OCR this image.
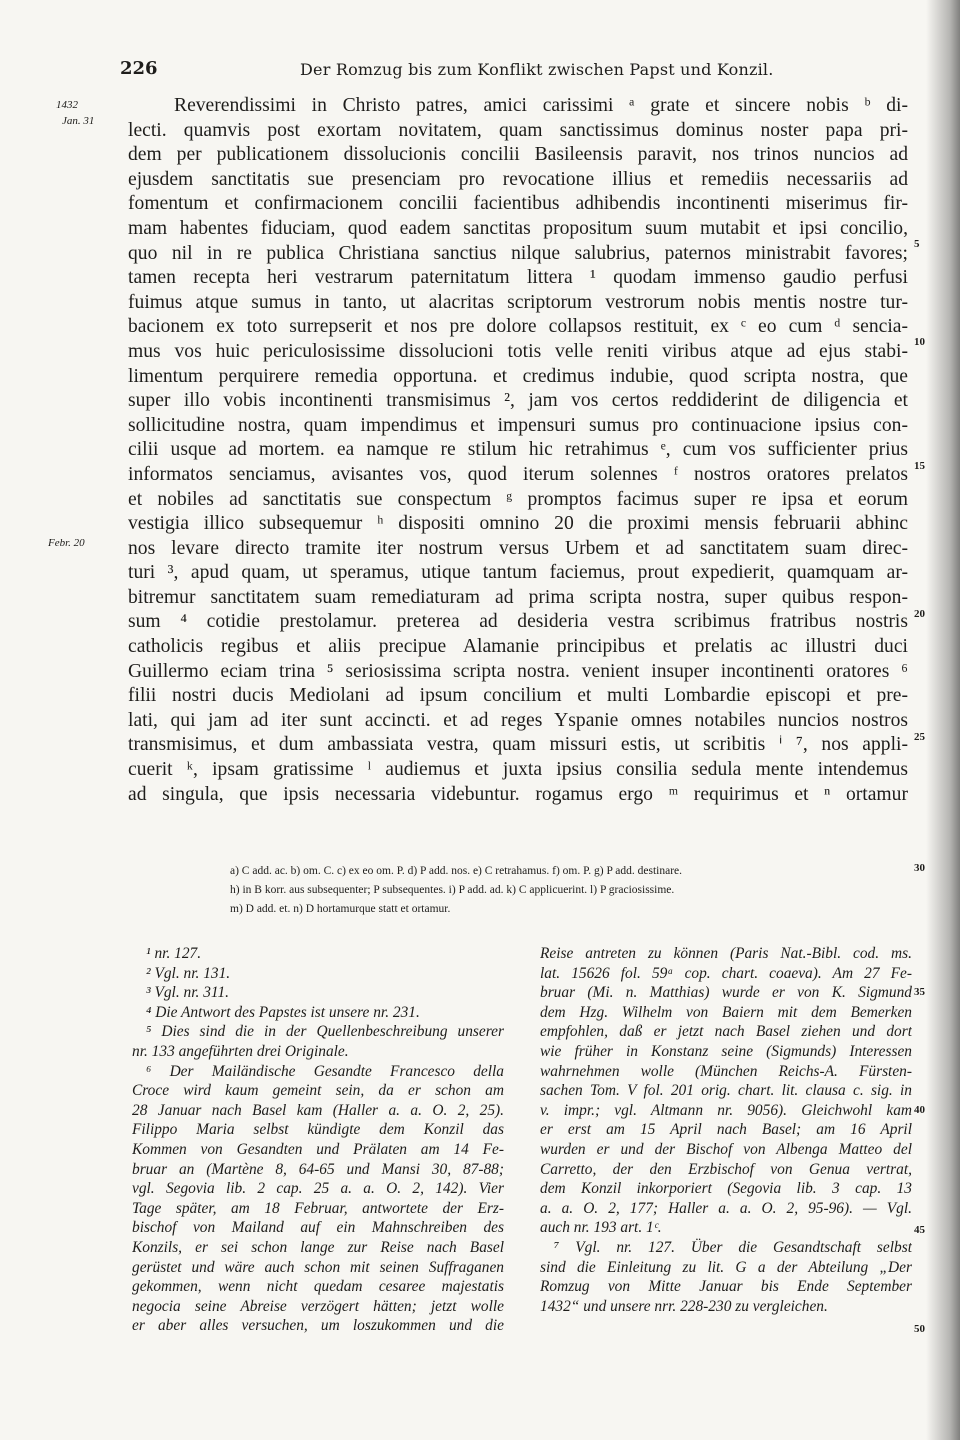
226	Der Romzug bis zum Konflikt zwischen Papst und Konzil.
1432
Jan. 31
Febr. 20
5
10
15
20
25
30
35
40
45
50
Reverendissimi in Christo patres, amici carissimi ᵃ grate et sincere nobis ᵇ di-
lecti. quamvis post exortam novitatem, quam sanctissimus dominus noster papa pri-
dem per publicationem dissolucionis concilii Basileensis paravit, nos trinos nuncios ad
ejusdem sanctitatis sue presenciam pro revocatione illius et remediis necessariis ad
fomentum et confirmacionem concilii facientibus adhibendis incontinenti miserimus fir-
mam habentes fiduciam, quod eadem sanctitas propositum suum mutabit et ipsi concilio,
quo nil in re publica Christiana sanctius nilque salubrius, paternos ministrabit favores;
tamen recepta heri vestrarum paternitatum littera ¹ quodam immenso gaudio perfusi
fuimus atque sumus in tanto, ut alacritas scriptorum vestrorum nobis mentis nostre tur-
bacionem ex toto surrepserit et nos pre dolore collapsos restituit, ex ᶜ eo cum ᵈ sencia-
mus vos huic periculosissime dissolucioni totis velle reniti viribus atque ad ejus stabi-
limentum perquirere remedia opportuna. et credimus indubie, quod scripta nostra, que
super illo vobis incontinenti transmisimus ², jam vos certos reddiderint de diligencia et
sollicitudine nostra, quam impendimus et impensuri sumus pro continuacione ipsius con-
cilii usque ad mortem. ea namque re stilum hic retrahimus ᵉ, cum vos sufficienter prius
informatos senciamus, avisantes vos, quod iterum solennes ᶠ nostros oratores prelatos
et nobiles ad sanctitatis sue conspectum ᵍ promptos facimus super re ipsa et eorum
vestigia illico subsequemur ʰ dispositi omnino 20 die proximi mensis februarii abhinc
nos levare directo tramite iter nostrum versus Urbem et ad sanctitatem suam direc-
turi ³, apud quam, ut speramus, utique tantum faciemus, prout expedierit, quamquam ar-
bitremur sanctitatem suam remediaturam ad prima scripta nostra, super quibus respon-
sum ⁴ cotidie prestolamur. preterea ad desideria vestra scribimus fratribus nostris
catholicis regibus et aliis precipue Alamanie principibus et prelatis ac illustri duci
Guillermo eciam trina ⁵ seriosissima scripta nostra. venient insuper incontinenti oratores ⁶
filii nostri ducis Mediolani ad ipsum concilium et multi Lombardie episcopi et pre-
lati, qui jam ad iter sunt accincti. et ad reges Yspanie omnes notabiles nuncios nostros
transmisimus, et dum ambassiata vestra, quam missuri estis, ut scribitis ⁱ ⁷, nos appli-
cuerit ᵏ, ipsam gratissime ˡ audiemus et juxta ipsius consilia sedula mente intendemus
ad singula, que ipsis necessaria videbuntur. rogamus ergo ᵐ requirimus et ⁿ ortamur
a) C add. ac. b) om. C. c) ex eo om. P. d) P add. nos. e) C retrahamus. f) om. P. g) P add. destinare.
h) in B korr. aus subsequenter; P subsequentes. i) P add. ad. k) C applicuerint. l) P graciosissime.
m) D add. et. n) D hortamurque statt et ortamur.
¹ nr. 127.
² Vgl. nr. 131.
³ Vgl. nr. 311.
⁴ Die Antwort des Papstes ist unsere nr. 231.
⁵ Dies sind die in der Quellenbeschreibung unserer
nr. 133 angeführten drei Originale.
⁶ Der Mailändische Gesandte Francesco della
Croce wird kaum gemeint sein, da er schon am
28 Januar nach Basel kam (Haller a. a. O. 2, 25).
Filippo Maria selbst kündigte dem Konzil das
Kommen von Gesandten und Prälaten am 14 Fe-
bruar an (Martène 8, 64-65 und Mansi 30, 87-88;
vgl. Segovia lib. 2 cap. 25 a. a. O. 2, 142). Vier
Tage später, am 18 Februar, antwortete der Erz-
bischof von Mailand auf ein Mahnschreiben des
Konzils, er sei schon lange zur Reise nach Basel
gerüstet und wäre auch schon mit seinen Suffraganen
gekommen, wenn nicht quedam cesaree majestatis
negocia seine Abreise verzögert hätten; jetzt wolle
er aber alles versuchen, um loszukommen und die
Reise antreten zu können (Paris Nat.-Bibl. cod. ms.
lat. 15626 fol. 59ᵃ cop. chart. coaeva). Am 27 Fe-
bruar (Mi. n. Matthias) wurde er von K. Sigmund
dem Hzg. Wilhelm von Baiern mit dem Bemerken
empfohlen, daß er jetzt nach Basel ziehen und dort
wie früher in Konstanz seine (Sigmunds) Interessen
wahrnehmen wolle (München Reichs-A. Fürsten-
sachen Tom. V fol. 201 orig. chart. lit. clausa c. sig. in
v. impr.; vgl. Altmann nr. 9056). Gleichwohl kam
er erst am 15 April nach Basel; am 16 April
wurden er und der Bischof von Albenga Matteo del
Carretto, der den Erzbischof von Genua vertrat,
dem Konzil inkorporiert (Segovia lib. 3 cap. 13
a. a. O. 2, 177; Haller a. a. O. 2, 95-96). — Vgl.
auch nr. 193 art. 1ᶜ.
⁷ Vgl. nr. 127. Über die Gesandtschaft selbst
sind die Einleitung zu lit. G a der Abteilung „Der
Romzug von Mitte Januar bis Ende September
1432“ und unsere nrr. 228-230 zu vergleichen.
